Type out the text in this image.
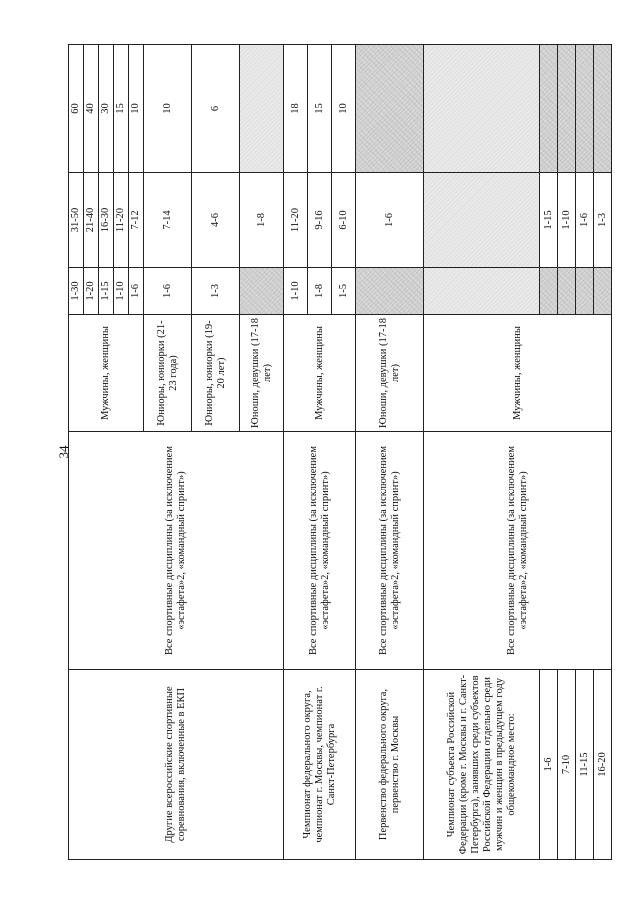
34
Другие всероссийские спортивные соревнования, включенные в ЕКП	Все спортивные дисциплины (за исключением «эстафета»2, «командный спринт»)	Мужчины, женщины	1-30	31-50	60
			1-20	21-40	40
			1-15	16-30	30
			1-10	11-20	15
			1-6	7-12	10
		Юниоры, юниорки (21-23 года)	1-6	7-14	10
		Юниоры, юниорки (19-20 лет)	1-3	4-6	6
		Юноши, девушки (17-18 лет)		1-8	
Чемпионат федерального округа, чемпионат г. Москвы, чемпионат г. Санкт-Петербурга	Все спортивные дисциплины (за исключением «эстафета»2, «командный спринт»)	Мужчины, женщины	1-10	11-20	18
			1-8	9-16	15
			1-5	6-10	10
Первенство федерального округа, первенство г. Москвы	Все спортивные дисциплины (за исключением «эстафета»2, «командный спринт»)	Юноши, девушки (17-18 лет)		1-6	
Чемпионат субъекта Российской Федерации (кроме г. Москвы и г. Санкт-Петербурга), занявших среди субъектов Российской Федерации отдельно среди мужчин и женщин в предыдущем году общекомандное место:	Все спортивные дисциплины (за исключением «эстафета»2, «командный спринт»)	Мужчины, женщины			
1-6				1-15	
7-10				1-10	
11-15				1-6	
16-20				1-3	
